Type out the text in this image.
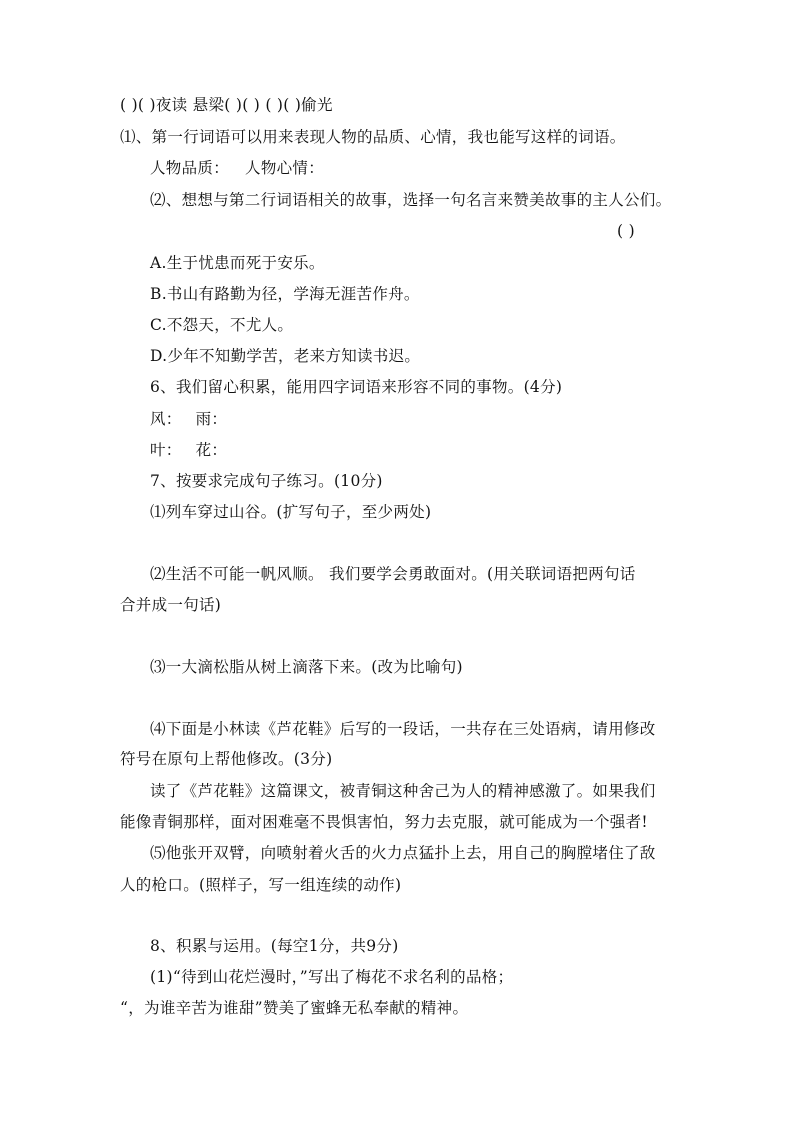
( )( )夜读 悬梁( )( ) ( )( )偷光
⑴、第一行词语可以用来表现人物的品质、心情，我也能写这样的词语。
人物品质： 人物心情：
⑵、想想与第二行词语相关的故事，选择一句名言来赞美故事的主人公们。
( )
A.生于忧患而死于安乐。
B.书山有路勤为径，学海无涯苦作舟。
C.不怨天，不尤人。
D.少年不知勤学苦，老来方知读书迟。
6、我们留心积累，能用四字词语来形容不同的事物。(4分)
风： 雨：
叶： 花：
7、按要求完成句子练习。(10分)
⑴列车穿过山谷。(扩写句子，至少两处)
⑵生活不可能一帆风顺。 我们要学会勇敢面对。(用关联词语把两句话
合并成一句话)
⑶一大滴松脂从树上滴落下来。(改为比喻句)
⑷下面是小林读《芦花鞋》后写的一段话，一共存在三处语病，请用修改
符号在原句上帮他修改。(3分)
读了《芦花鞋》这篇课文，被青铜这种舍己为人的精神感激了。如果我们
能像青铜那样，面对困难毫不畏惧害怕，努力去克服，就可能成为一个强者!
⑸他张开双臂，向喷射着火舌的火力点猛扑上去，用自己的胸膛堵住了敌
人的枪口。(照样子，写一组连续的动作)
8、积累与运用。(每空1分，共9分)
(1)“待到山花烂漫时，”写出了梅花不求名利的品格；
“，为谁辛苦为谁甜”赞美了蜜蜂无私奉献的精神。
